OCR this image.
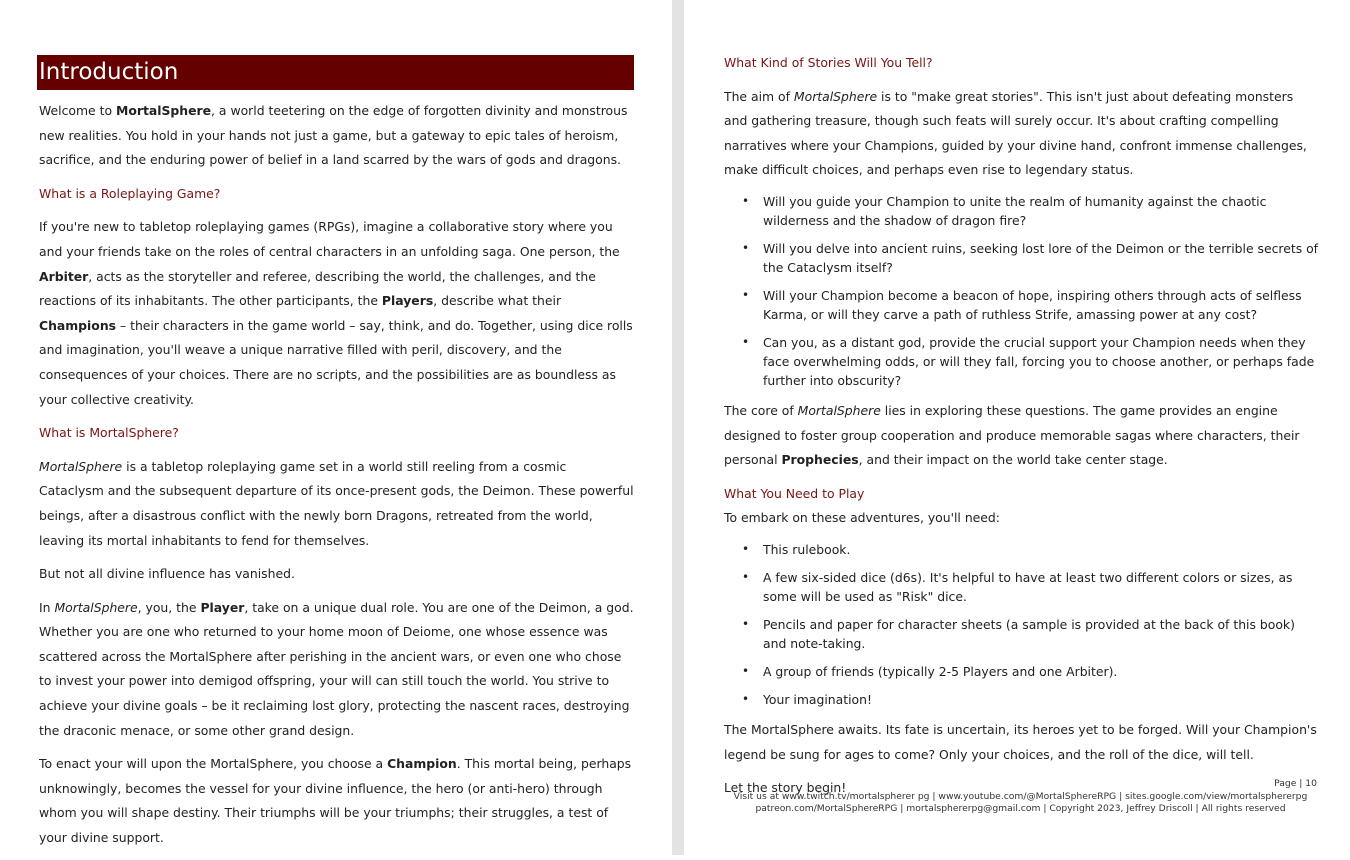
Introduction

Welcome to MortalSphere, a world teetering on the edge of forgotten divinity and monstrous new realities. You hold in your hands not just a game, but a gateway to epic tales of heroism, sacrifice, and the enduring power of belief in a land scarred by the wars of gods and dragons.

What is a Roleplaying Game?

If you're new to tabletop roleplaying games (RPGs), imagine a collaborative story where you and your friends take on the roles of central characters in an unfolding saga. One person, the Arbiter, acts as the storyteller and referee, describing the world, the challenges, and the reactions of its inhabitants. The other participants, the Players, describe what their Champions – their characters in the game world – say, think, and do. Together, using dice rolls and imagination, you'll weave a unique narrative filled with peril, discovery, and the consequences of your choices. There are no scripts, and the possibilities are as boundless as your collective creativity.

What is MortalSphere?

MortalSphere is a tabletop roleplaying game set in a world still reeling from a cosmic Cataclysm and the subsequent departure of its once-present gods, the Deimon. These powerful beings, after a disastrous conflict with the newly born Dragons, retreated from the world, leaving its mortal inhabitants to fend for themselves.

But not all divine influence has vanished.

In MortalSphere, you, the Player, take on a unique dual role. You are one of the Deimon, a god. Whether you are one who returned to your home moon of Deiome, one whose essence was scattered across the MortalSphere after perishing in the ancient wars, or even one who chose to invest your power into demigod offspring, your will can still touch the world. You strive to achieve your divine goals – be it reclaiming lost glory, protecting the nascent races, destroying the draconic menace, or some other grand design.

To enact your will upon the MortalSphere, you choose a Champion. This mortal being, perhaps unknowingly, becomes the vessel for your divine influence, the hero (or anti-hero) through whom you will shape destiny. Their triumphs will be your triumphs; their struggles, a test of your divine support.

What Kind of Stories Will You Tell?

The aim of MortalSphere is to "make great stories". This isn't just about defeating monsters and gathering treasure, though such feats will surely occur. It's about crafting compelling narratives where your Champions, guided by your divine hand, confront immense challenges, make difficult choices, and perhaps even rise to legendary status.

• Will you guide your Champion to unite the realm of humanity against the chaotic wilderness and the shadow of dragon fire?
• Will you delve into ancient ruins, seeking lost lore of the Deimon or the terrible secrets of the Cataclysm itself?
• Will your Champion become a beacon of hope, inspiring others through acts of selfless Karma, or will they carve a path of ruthless Strife, amassing power at any cost?
• Can you, as a distant god, provide the crucial support your Champion needs when they face overwhelming odds, or will they fall, forcing you to choose another, or perhaps fade further into obscurity?

The core of MortalSphere lies in exploring these questions. The game provides an engine designed to foster group cooperation and produce memorable sagas where characters, their personal Prophecies, and their impact on the world take center stage.

What You Need to Play

To embark on these adventures, you'll need:

• This rulebook.
• A few six-sided dice (d6s). It's helpful to have at least two different colors or sizes, as some will be used as "Risk" dice.
• Pencils and paper for character sheets (a sample is provided at the back of this book) and note-taking.
• A group of friends (typically 2-5 Players and one Arbiter).
• Your imagination!

The MortalSphere awaits. Its fate is uncertain, its heroes yet to be forged. Will your Champion's legend be sung for ages to come? Only your choices, and the roll of the dice, will tell.

Let the story begin!	Page | 10
Visit us at www.twitch.tv/mortalspherer pg | www.youtube.com/@MortalSphereRPG | sites.google.com/view/mortalsphererpg
patreon.com/MortalSphereRPG | mortalsphererpg@gmail.com | Copyright 2023, Jeffrey Driscoll | All rights reserved
